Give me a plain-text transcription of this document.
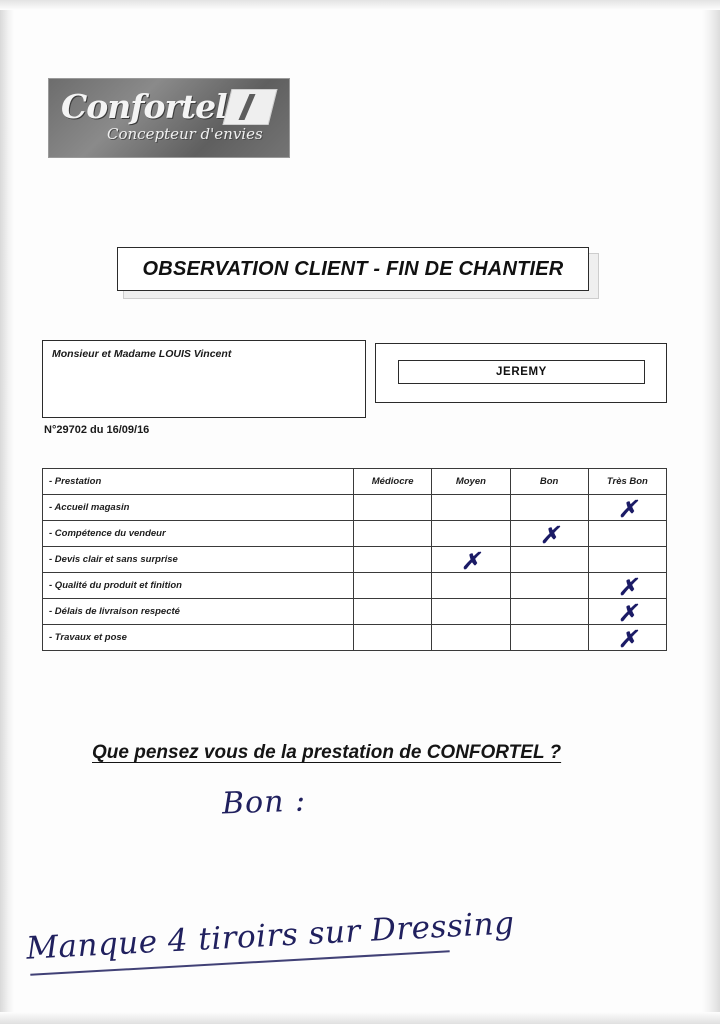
Confortel
Concepteur d'envies
OBSERVATION CLIENT - FIN DE CHANTIER
Monsieur et Madame LOUIS Vincent
N°29702 du 16/09/16
JEREMY
- Prestation	Médiocre	Moyen	Bon	Très Bon
- Accueil magasin				✗
- Compétence du vendeur			✗	
- Devis clair et sans surprise		✗		
- Qualité du produit et finition				✗
- Délais de livraison respecté				✗
- Travaux et pose				✗
Que pensez vous de la prestation de CONFORTEL ?
Bon :
Manque 4 tiroirs sur Dressing
